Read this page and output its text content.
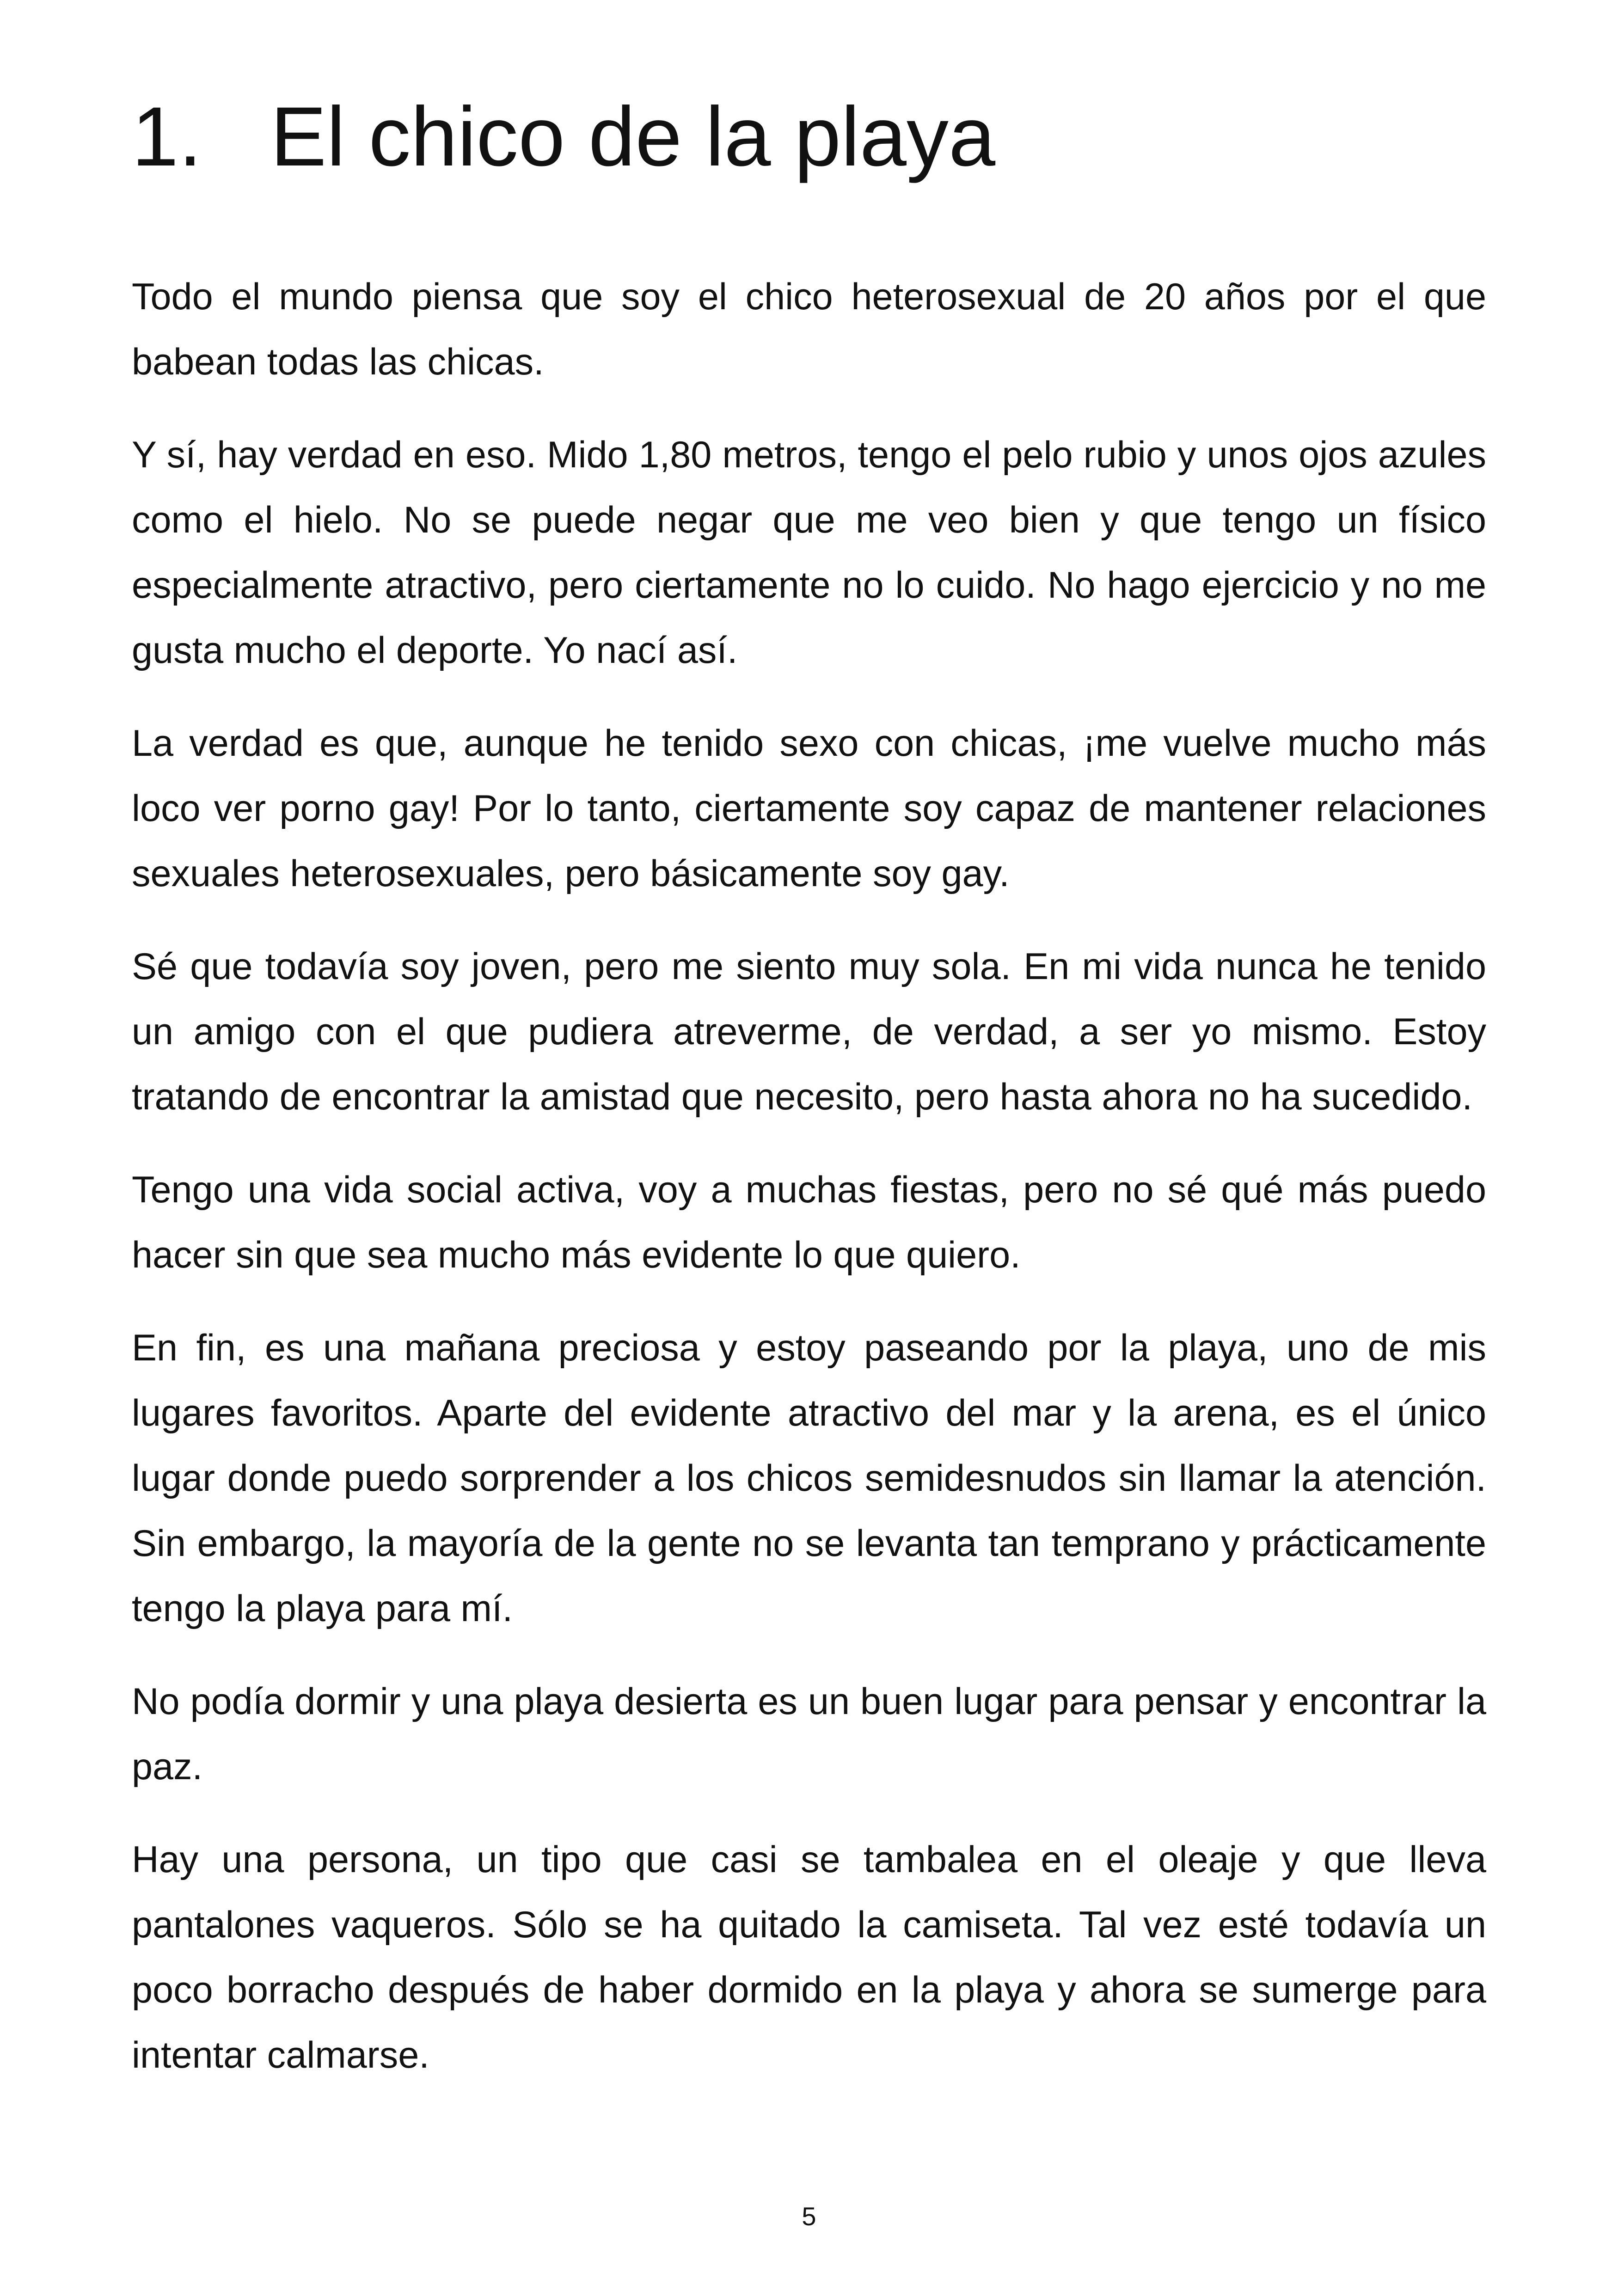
1. El chico de la playa

Todo el mundo piensa que soy el chico heterosexual de 20 años por el que babean todas las chicas.

Y sí, hay verdad en eso. Mido 1,80 metros, tengo el pelo rubio y unos ojos azules como el hielo. No se puede negar que me veo bien y que tengo un físico especialmente atractivo, pero ciertamente no lo cuido. No hago ejercicio y no me gusta mucho el deporte. Yo nací así.

La verdad es que, aunque he tenido sexo con chicas, ¡me vuelve mucho más loco ver porno gay! Por lo tanto, ciertamente soy capaz de mantener relaciones sexuales heterosexuales, pero básicamente soy gay.

Sé que todavía soy joven, pero me siento muy sola. En mi vida nunca he tenido un amigo con el que pudiera atreverme, de verdad, a ser yo mismo. Estoy tratando de encontrar la amistad que necesito, pero hasta ahora no ha sucedido.

Tengo una vida social activa, voy a muchas fiestas, pero no sé qué más puedo hacer sin que sea mucho más evidente lo que quiero.

En fin, es una mañana preciosa y estoy paseando por la playa, uno de mis lugares favoritos. Aparte del evidente atractivo del mar y la arena, es el único lugar donde puedo sorprender a los chicos semidesnudos sin llamar la atención. Sin embargo, la mayoría de la gente no se levanta tan temprano y prácticamente tengo la playa para mí.

No podía dormir y una playa desierta es un buen lugar para pensar y encontrar la paz.

Hay una persona, un tipo que casi se tambalea en el oleaje y que lleva pantalones vaqueros. Sólo se ha quitado la camiseta. Tal vez esté todavía un poco borracho después de haber dormido en la playa y ahora se sumerge para intentar calmarse.

5
